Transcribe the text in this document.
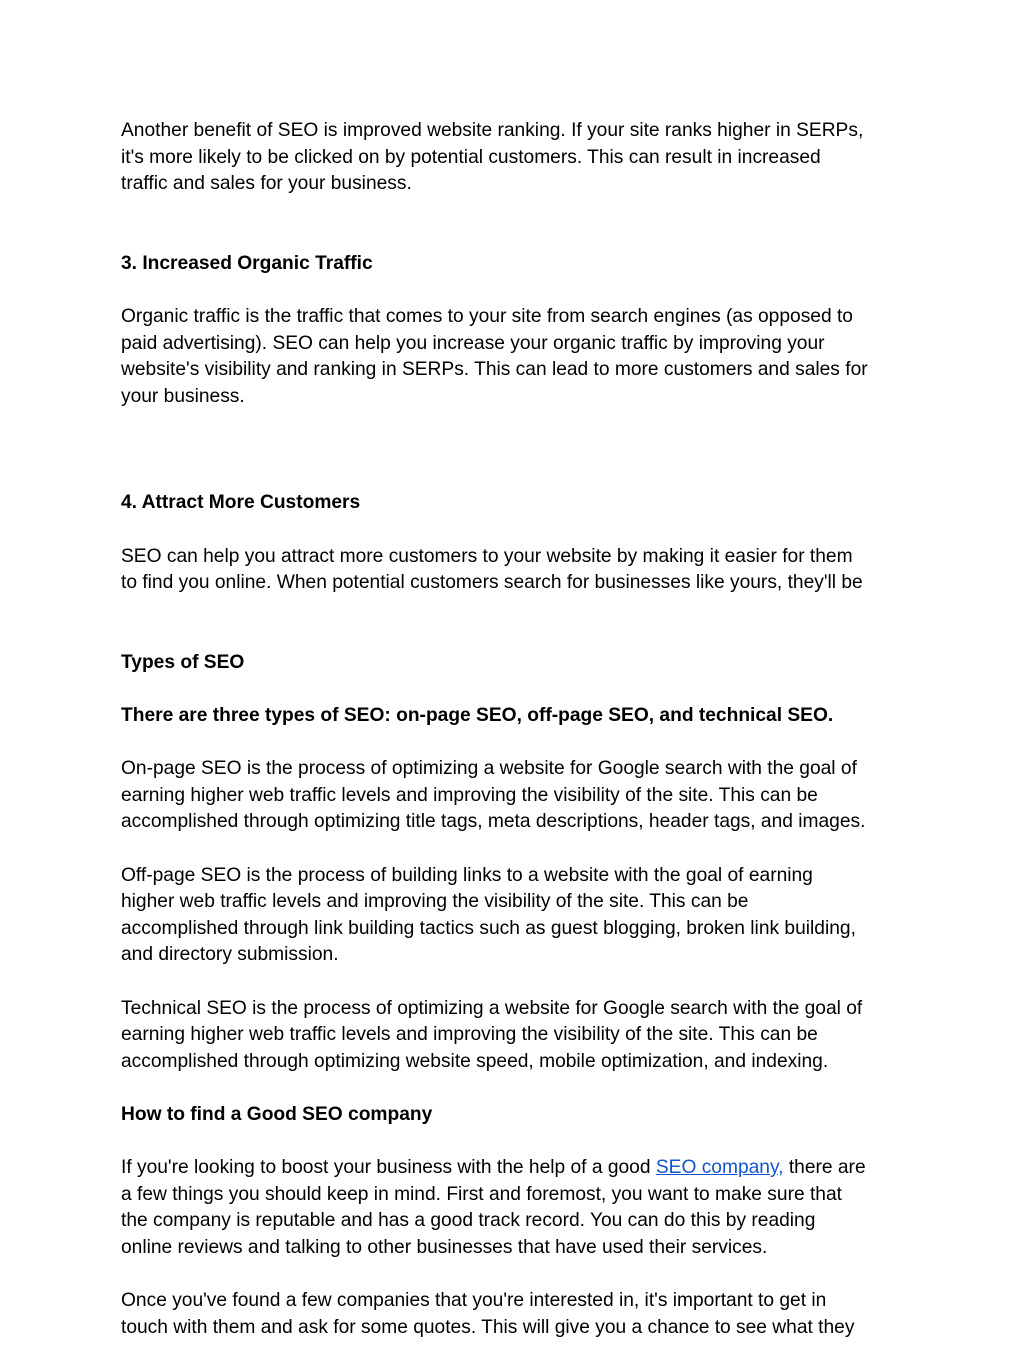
Another benefit of SEO is improved website ranking. If your site ranks higher in SERPs,
it's more likely to be clicked on by potential customers. This can result in increased
traffic and sales for your business.

3. Increased Organic Traffic

Organic traffic is the traffic that comes to your site from search engines (as opposed to
paid advertising). SEO can help you increase your organic traffic by improving your
website's visibility and ranking in SERPs. This can lead to more customers and sales for
your business.

4. Attract More Customers

SEO can help you attract more customers to your website by making it easier for them
to find you online. When potential customers search for businesses like yours, they'll be

Types of SEO

There are three types of SEO: on-page SEO, off-page SEO, and technical SEO.

On-page SEO is the process of optimizing a website for Google search with the goal of
earning higher web traffic levels and improving the visibility of the site. This can be
accomplished through optimizing title tags, meta descriptions, header tags, and images.

Off-page SEO is the process of building links to a website with the goal of earning
higher web traffic levels and improving the visibility of the site. This can be
accomplished through link building tactics such as guest blogging, broken link building,
and directory submission.

Technical SEO is the process of optimizing a website for Google search with the goal of
earning higher web traffic levels and improving the visibility of the site. This can be
accomplished through optimizing website speed, mobile optimization, and indexing.

How to find a Good SEO company

If you're looking to boost your business with the help of a good SEO company, there are
a few things you should keep in mind. First and foremost, you want to make sure that
the company is reputable and has a good track record. You can do this by reading
online reviews and talking to other businesses that have used their services.

Once you've found a few companies that you're interested in, it's important to get in
touch with them and ask for some quotes. This will give you a chance to see what they
